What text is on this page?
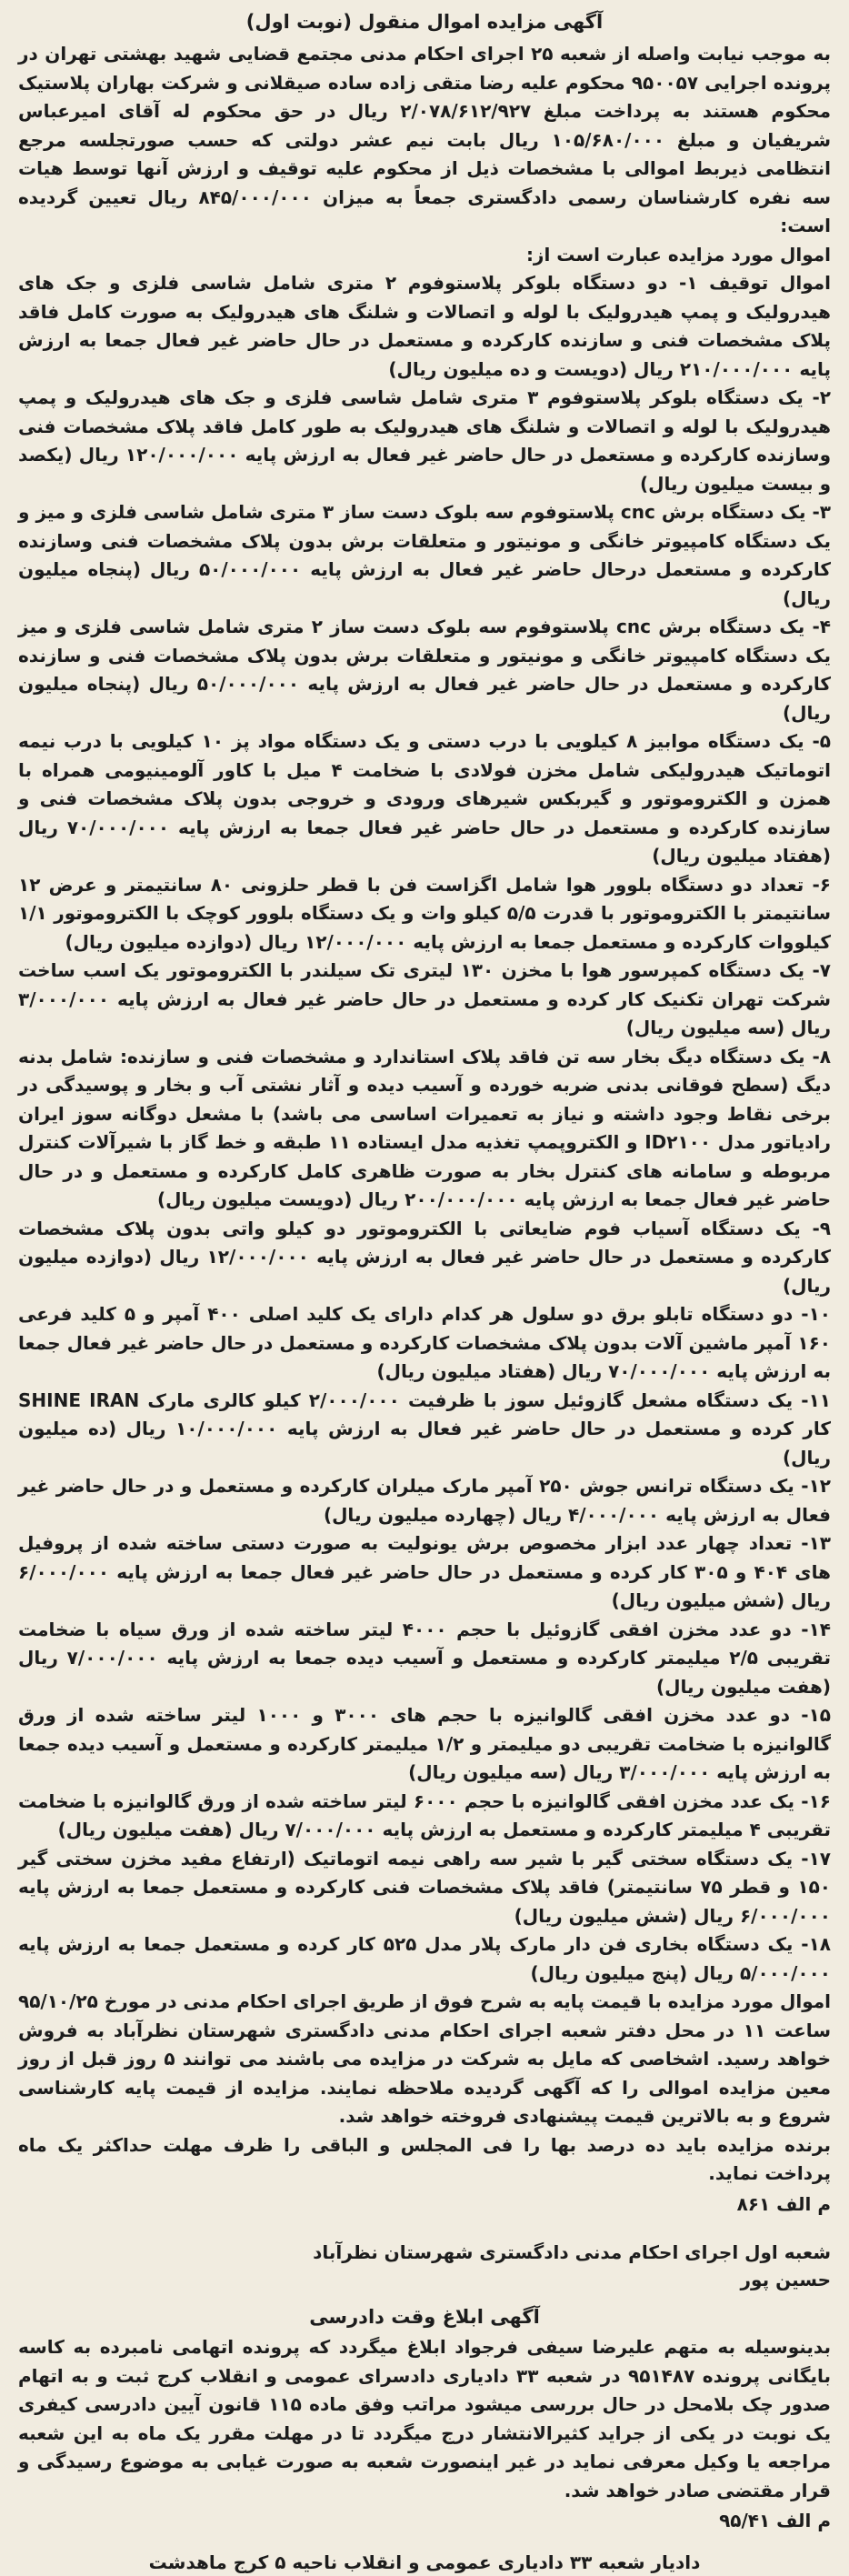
آگهی مزایده اموال منقول (نوبت اول)

به موجب نیابت واصله از شعبه ۲۵ اجرای احکام مدنی مجتمع قضایی شهید بهشتی تهران در پرونده اجرایی ۹۵۰۰۵۷ محکوم علیه رضا متقی زاده ساده صیقلانی و شرکت بهاران پلاستیک محکوم هستند به پرداخت مبلغ ۲/۰۷۸/۶۱۲/۹۲۷ ریال در حق محکوم له آقای امیرعباس شریفیان و مبلغ ۱۰۵/۶۸۰/۰۰۰ ریال بابت نیم عشر دولتی که حسب صورتجلسه مرجع انتظامی ذیربط اموالی با مشخصات ذیل از محکوم علیه توقیف و ارزش آنها توسط هیات سه نفره کارشناسان رسمی دادگستری جمعاً به میزان ۸۴۵/۰۰۰/۰۰۰ ریال تعیین گردیده است:

اموال مورد مزایده عبارت است از:

اموال توقیف ۱- دو دستگاه بلوکر پلاستوفوم ۲ متری شامل شاسی فلزی و جک های هیدرولیک و پمپ هیدرولیک با لوله و اتصالات و شلنگ های هیدرولیک به صورت کامل فاقد پلاک مشخصات فنی و سازنده کارکرده و مستعمل در حال حاضر غیر فعال جمعا به ارزش پایه ۲۱۰/۰۰۰/۰۰۰ ریال (دویست و ده میلیون ریال)

۲- یک دستگاه بلوکر پلاستوفوم ۳ متری شامل شاسی فلزی و جک های هیدرولیک و پمپ هیدرولیک با لوله و اتصالات و شلنگ های هیدرولیک به طور کامل فاقد پلاک مشخصات فنی وسازنده کارکرده و مستعمل در حال حاضر غیر فعال به ارزش پایه ۱۲۰/۰۰۰/۰۰۰ ریال (یکصد و بیست میلیون ریال)

۳- یک دستگاه برش cnc پلاستوفوم سه بلوک دست ساز ۳ متری شامل شاسی فلزی و میز و یک دستگاه کامپیوتر خانگی و مونیتور و متعلقات برش بدون پلاک مشخصات فنی وسازنده کارکرده و مستعمل درحال حاضر غیر فعال به ارزش پایه ۵۰/۰۰۰/۰۰۰ ریال (پنجاه میلیون ریال)

۴- یک دستگاه برش cnc پلاستوفوم سه بلوک دست ساز ۲ متری شامل شاسی فلزی و میز یک دستگاه کامپیوتر خانگی و مونیتور و متعلقات برش بدون پلاک مشخصات فنی و سازنده کارکرده و مستعمل در حال حاضر غیر فعال به ارزش پایه ۵۰/۰۰۰/۰۰۰ ریال (پنجاه میلیون ریال)

۵- یک دستگاه موابیز ۸ کیلویی با درب دستی و یک دستگاه مواد پز ۱۰ کیلویی با درب نیمه اتوماتیک هیدرولیکی شامل مخزن فولادی با ضخامت ۴ میل با کاور آلومینیومی همراه با همزن و الکتروموتور و گیربکس شیرهای ورودی و خروجی بدون پلاک مشخصات فنی و سازنده کارکرده و مستعمل در حال حاضر غیر فعال جمعا به ارزش پایه ۷۰/۰۰۰/۰۰۰ ریال (هفتاد میلیون ریال)

۶- تعداد دو دستگاه بلوور هوا شامل اگزاست فن با قطر حلزونی ۸۰ سانتیمتر و عرض ۱۲ سانتیمتر با الکتروموتور با قدرت ۵/۵ کیلو وات و یک دستگاه بلوور کوچک با الکتروموتور ۱/۱ کیلووات کارکرده و مستعمل جمعا به ارزش پایه ۱۲/۰۰۰/۰۰۰ ریال (دوازده میلیون ریال)

۷- یک دستگاه کمپرسور هوا با مخزن ۱۳۰ لیتری تک سیلندر با الکتروموتور یک اسب ساخت شرکت تهران تکنیک کار کرده و مستعمل در حال حاضر غیر فعال به ارزش پایه ۳/۰۰۰/۰۰۰ ریال (سه میلیون ریال)

۸- یک دستگاه دیگ بخار سه تن فاقد پلاک استاندارد و مشخصات فنی و سازنده: شامل بدنه دیگ (سطح فوقانی بدنی ضربه خورده و آسیب دیده و آثار نشتی آب و بخار و پوسیدگی در برخی نقاط وجود داشته و نیاز به تعمیرات اساسی می باشد) با مشعل دوگانه سوز ایران رادیاتور مدل ID۲۱۰۰ و الکتروپمپ تغذیه مدل ایستاده ۱۱ طبقه و خط گاز با شیرآلات کنترل مربوطه و سامانه های کنترل بخار به صورت ظاهری کامل کارکرده و مستعمل و در حال حاضر غیر فعال جمعا به ارزش پایه ۲۰۰/۰۰۰/۰۰۰ ریال (دویست میلیون ریال)

۹- یک دستگاه آسیاب فوم ضایعاتی با الکتروموتور دو کیلو واتی بدون پلاک مشخصات کارکرده و مستعمل در حال حاضر غیر فعال به ارزش پایه ۱۲/۰۰۰/۰۰۰ ریال (دوازده میلیون ریال)

۱۰- دو دستگاه تابلو برق دو سلول هر کدام دارای یک کلید اصلی ۴۰۰ آمپر و ۵ کلید فرعی ۱۶۰ آمپر ماشین آلات بدون پلاک مشخصات کارکرده و مستعمل در حال حاضر غیر فعال جمعا به ارزش پایه ۷۰/۰۰۰/۰۰۰ ریال (هفتاد میلیون ریال)

۱۱- یک دستگاه مشعل گازوئیل سوز با ظرفیت ۲/۰۰۰/۰۰۰ کیلو کالری مارک SHINE IRAN کار کرده و مستعمل در حال حاضر غیر فعال به ارزش پایه ۱۰/۰۰۰/۰۰۰ ریال (ده میلیون ریال)

۱۲- یک دستگاه ترانس جوش ۲۵۰ آمپر مارک میلران کارکرده و مستعمل و در حال حاضر غیر فعال به ارزش پایه ۴/۰۰۰/۰۰۰ ریال (چهارده میلیون ریال)

۱۳- تعداد چهار عدد ابزار مخصوص برش یونولیت به صورت دستی ساخته شده از پروفیل های ۴۰۴ و ۳۰۵ کار کرده و مستعمل در حال حاضر غیر فعال جمعا به ارزش پایه ۶/۰۰۰/۰۰۰ ریال (شش میلیون ریال)

۱۴- دو عدد مخزن افقی گازوئیل با حجم ۴۰۰۰ لیتر ساخته شده از ورق سیاه با ضخامت تقریبی ۲/۵ میلیمتر کارکرده و مستعمل و آسیب دیده جمعا به ارزش پایه ۷/۰۰۰/۰۰۰ ریال (هفت میلیون ریال)

۱۵- دو عدد مخزن افقی گالوانیزه با حجم های ۳۰۰۰ و ۱۰۰۰ لیتر ساخته شده از ورق گالوانیزه با ضخامت تقریبی دو میلیمتر و ۱/۲ میلیمتر کارکرده و مستعمل و آسیب دیده جمعا به ارزش پایه ۳/۰۰۰/۰۰۰ ریال (سه میلیون ریال)

۱۶- یک عدد مخزن افقی گالوانیزه با حجم ۶۰۰۰ لیتر ساخته شده از ورق گالوانیزه با ضخامت تقریبی ۴ میلیمتر کارکرده و مستعمل به ارزش پایه ۷/۰۰۰/۰۰۰ ریال (هفت میلیون ریال)

۱۷- یک دستگاه سختی گیر با شیر سه راهی نیمه اتوماتیک (ارتفاع مفید مخزن سختی گیر ۱۵۰ و قطر ۷۵ سانتیمتر) فاقد پلاک مشخصات فنی کارکرده و مستعمل جمعا به ارزش پایه ۶/۰۰۰/۰۰۰ ریال (شش میلیون ریال)

۱۸- یک دستگاه بخاری فن دار مارک پلار مدل ۵۲۵ کار کرده و مستعمل جمعا به ارزش پایه ۵/۰۰۰/۰۰۰ ریال (پنج میلیون ریال)

اموال مورد مزایده با قیمت پایه به شرح فوق از طریق اجرای احکام مدنی در مورخ ۹۵/۱۰/۲۵ ساعت ۱۱ در محل دفتر شعبه اجرای احکام مدنی دادگستری شهرستان نظرآباد به فروش خواهد رسید. اشخاصی که مایل به شرکت در مزایده می باشند می توانند ۵ روز قبل از روز معین مزایده اموالی را که آگهی گردیده ملاحظه نمایند. مزایده از قیمت پایه کارشناسی شروع و به بالاترین قیمت پیشنهادی فروخته خواهد شد.

برنده مزایده باید ده درصد بها را فی المجلس و الباقی را ظرف مهلت حداکثر یک ماه پرداخت نماید.

م الف ۸۶۱

شعبه اول اجرای احکام مدنی دادگستری شهرستان نظرآباد

حسین پور

آگهی ابلاغ وقت دادرسی

بدینوسیله به متهم علیرضا سیفی فرجواد ابلاغ میگردد که پرونده اتهامی نامبرده به کاسه بایگانی پرونده ۹۵۱۴۸۷ در شعبه ۳۳ دادیاری دادسرای عمومی و انقلاب کرج ثبت و به اتهام صدور چک بلامحل در حال بررسی میشود مراتب وفق ماده ۱۱۵ قانون آیین دادرسی کیفری یک نوبت در یکی از جراید کثیرالانتشار درج میگردد تا در مهلت مقرر یک ماه به این شعبه مراجعه یا وکیل معرفی نماید در غیر اینصورت شعبه به صورت غیابی به موضوع رسیدگی و قرار مقتضی صادر خواهد شد.

م الف ۹۵/۴۱

دادیار شعبه ۳۳ دادیاری عمومی و انقلاب ناحیه ۵ کرج ماهدشت
